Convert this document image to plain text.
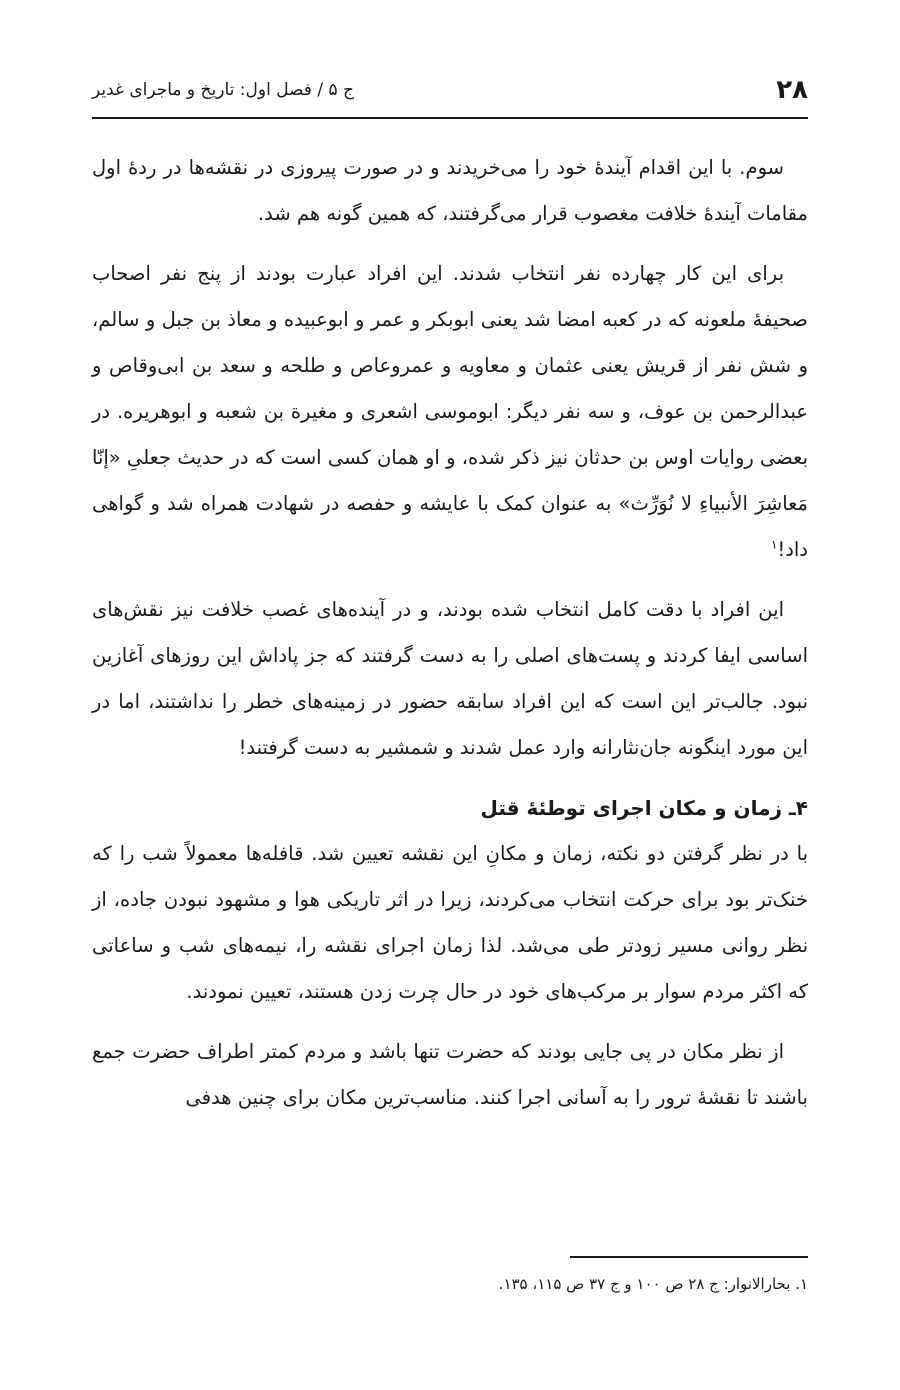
۲۸
ج ۵ / فصل اول: تاریخ و ماجرای غدیر

سوم. با این اقدام آیندهٔ خود را می‌خریدند و در صورت پیروزی در نقشه‌ها در ردهٔ اول مقامات آیندهٔ خلافت مغصوب قرار می‌گرفتند، که همین گونه هم شد.

برای این کار چهارده نفر انتخاب شدند. این افراد عبارت بودند از پنج نفر اصحاب صحیفهٔ ملعونه که در کعبه امضا شد یعنی ابوبکر و عمر و ابوعبیده و معاذ بن جبل و سالم، و شش نفر از قریش یعنی عثمان و معاویه و عمروعاص و طلحه و سعد بن ابی‌وقاص و عبدالرحمن بن عوف، و سه نفر دیگر: ابوموسی اشعری و مغیرة بن شعبه و ابوهریره. در بعضی روایات اوس بن حدثان نیز ذکر شده، و او همان کسی است که در حدیث جعلیِ «إنّا مَعاشِرَ الأنبیاءِ لا نُوَرِّث» به عنوان کمک با عایشه و حفصه در شهادت همراه شد و گواهی داد!$^۱$

این افراد با دقت کامل انتخاب شده بودند، و در آینده‌های غصب خلافت نیز نقش‌های اساسی ایفا کردند و پست‌های اصلی را به دست گرفتند که جز پاداش این روزهای آغازین نبود. جالب‌تر این است که این افراد سابقه حضور در زمینه‌های خطر را نداشتند، اما در این مورد اینگونه جان‌نثارانه وارد عمل شدند و شمشیر به دست گرفتند!

۴ـ زمان و مکان اجرای توطئهٔ قتل

با در نظر گرفتن دو نکته، زمان و مکانِ این نقشه تعیین شد. قافله‌ها معمولاً شب را که خنک‌تر بود برای حرکت انتخاب می‌کردند، زیرا در اثر تاریکی هوا و مشهود نبودن جاده، از نظر روانی مسیر زودتر طی می‌شد. لذا زمان اجرای نقشه را، نیمه‌های شب و ساعاتی که اکثر مردم سوار بر مرکب‌های خود در حال چرت زدن هستند، تعیین نمودند.

از نظر مکان در پی جایی بودند که حضرت تنها باشد و مردم کمتر اطراف حضرت جمع باشند تا نقشهٔ ترور را به آسانی اجرا کنند. مناسب‌ترین مکان برای چنین هدفی

۱. بحارالانوار: ج ۲۸ ص ۱۰۰ و ج ۳۷ ص ۱۱۵، ۱۳۵.
